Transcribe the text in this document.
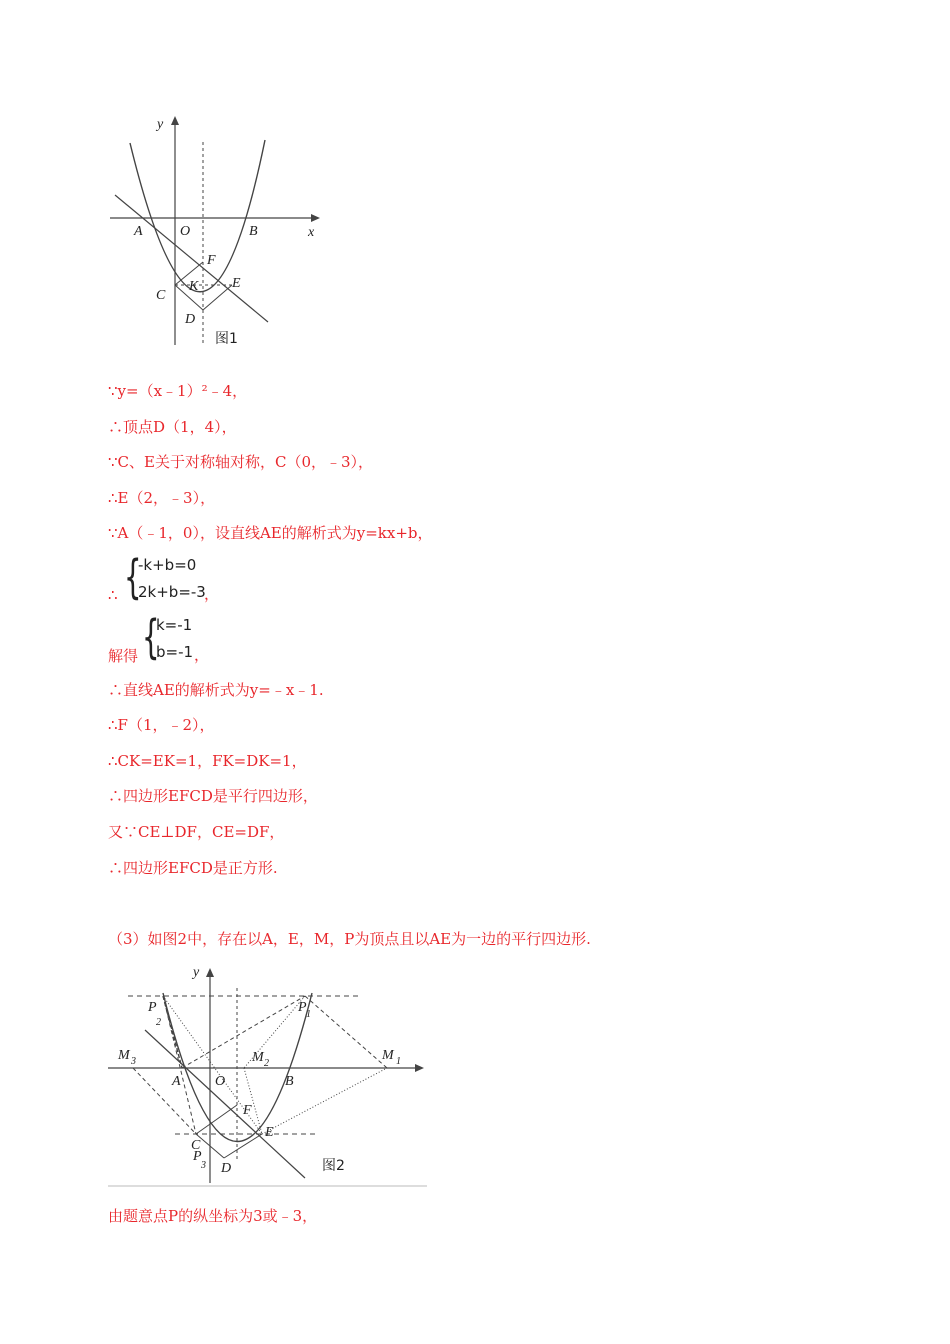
y
x
A	O	B
F
E
C
K
D
图1
∵y=（x﹣1）²﹣4，
∴顶点D（1，4），
∵C、E关于对称轴对称，C（0，﹣3），
∴E（2，﹣3），
∵A（﹣1，0），设直线AE的解析式为y=kx+b，
∴ {
-k+b=0
2k+b=-3
，
解得 {
k=-1
b=-1 ，
∴直线AE的解析式为y=﹣x﹣1.
∴F（1，﹣2），
∴CK=EK=1，FK=DK=1，
∴四边形EFCD是平行四边形，
又∵CE⊥DF，CE=DF，
∴四边形EFCD是正方形.
（3）如图2中，存在以A，E，M，P为顶点且以AE为一边的平行四边形.
y
P
2
P 1
M 3	M 2
M 1
A O	B
F
E
C
P
3 D	图2
由题意点P的纵坐标为3或﹣3，
